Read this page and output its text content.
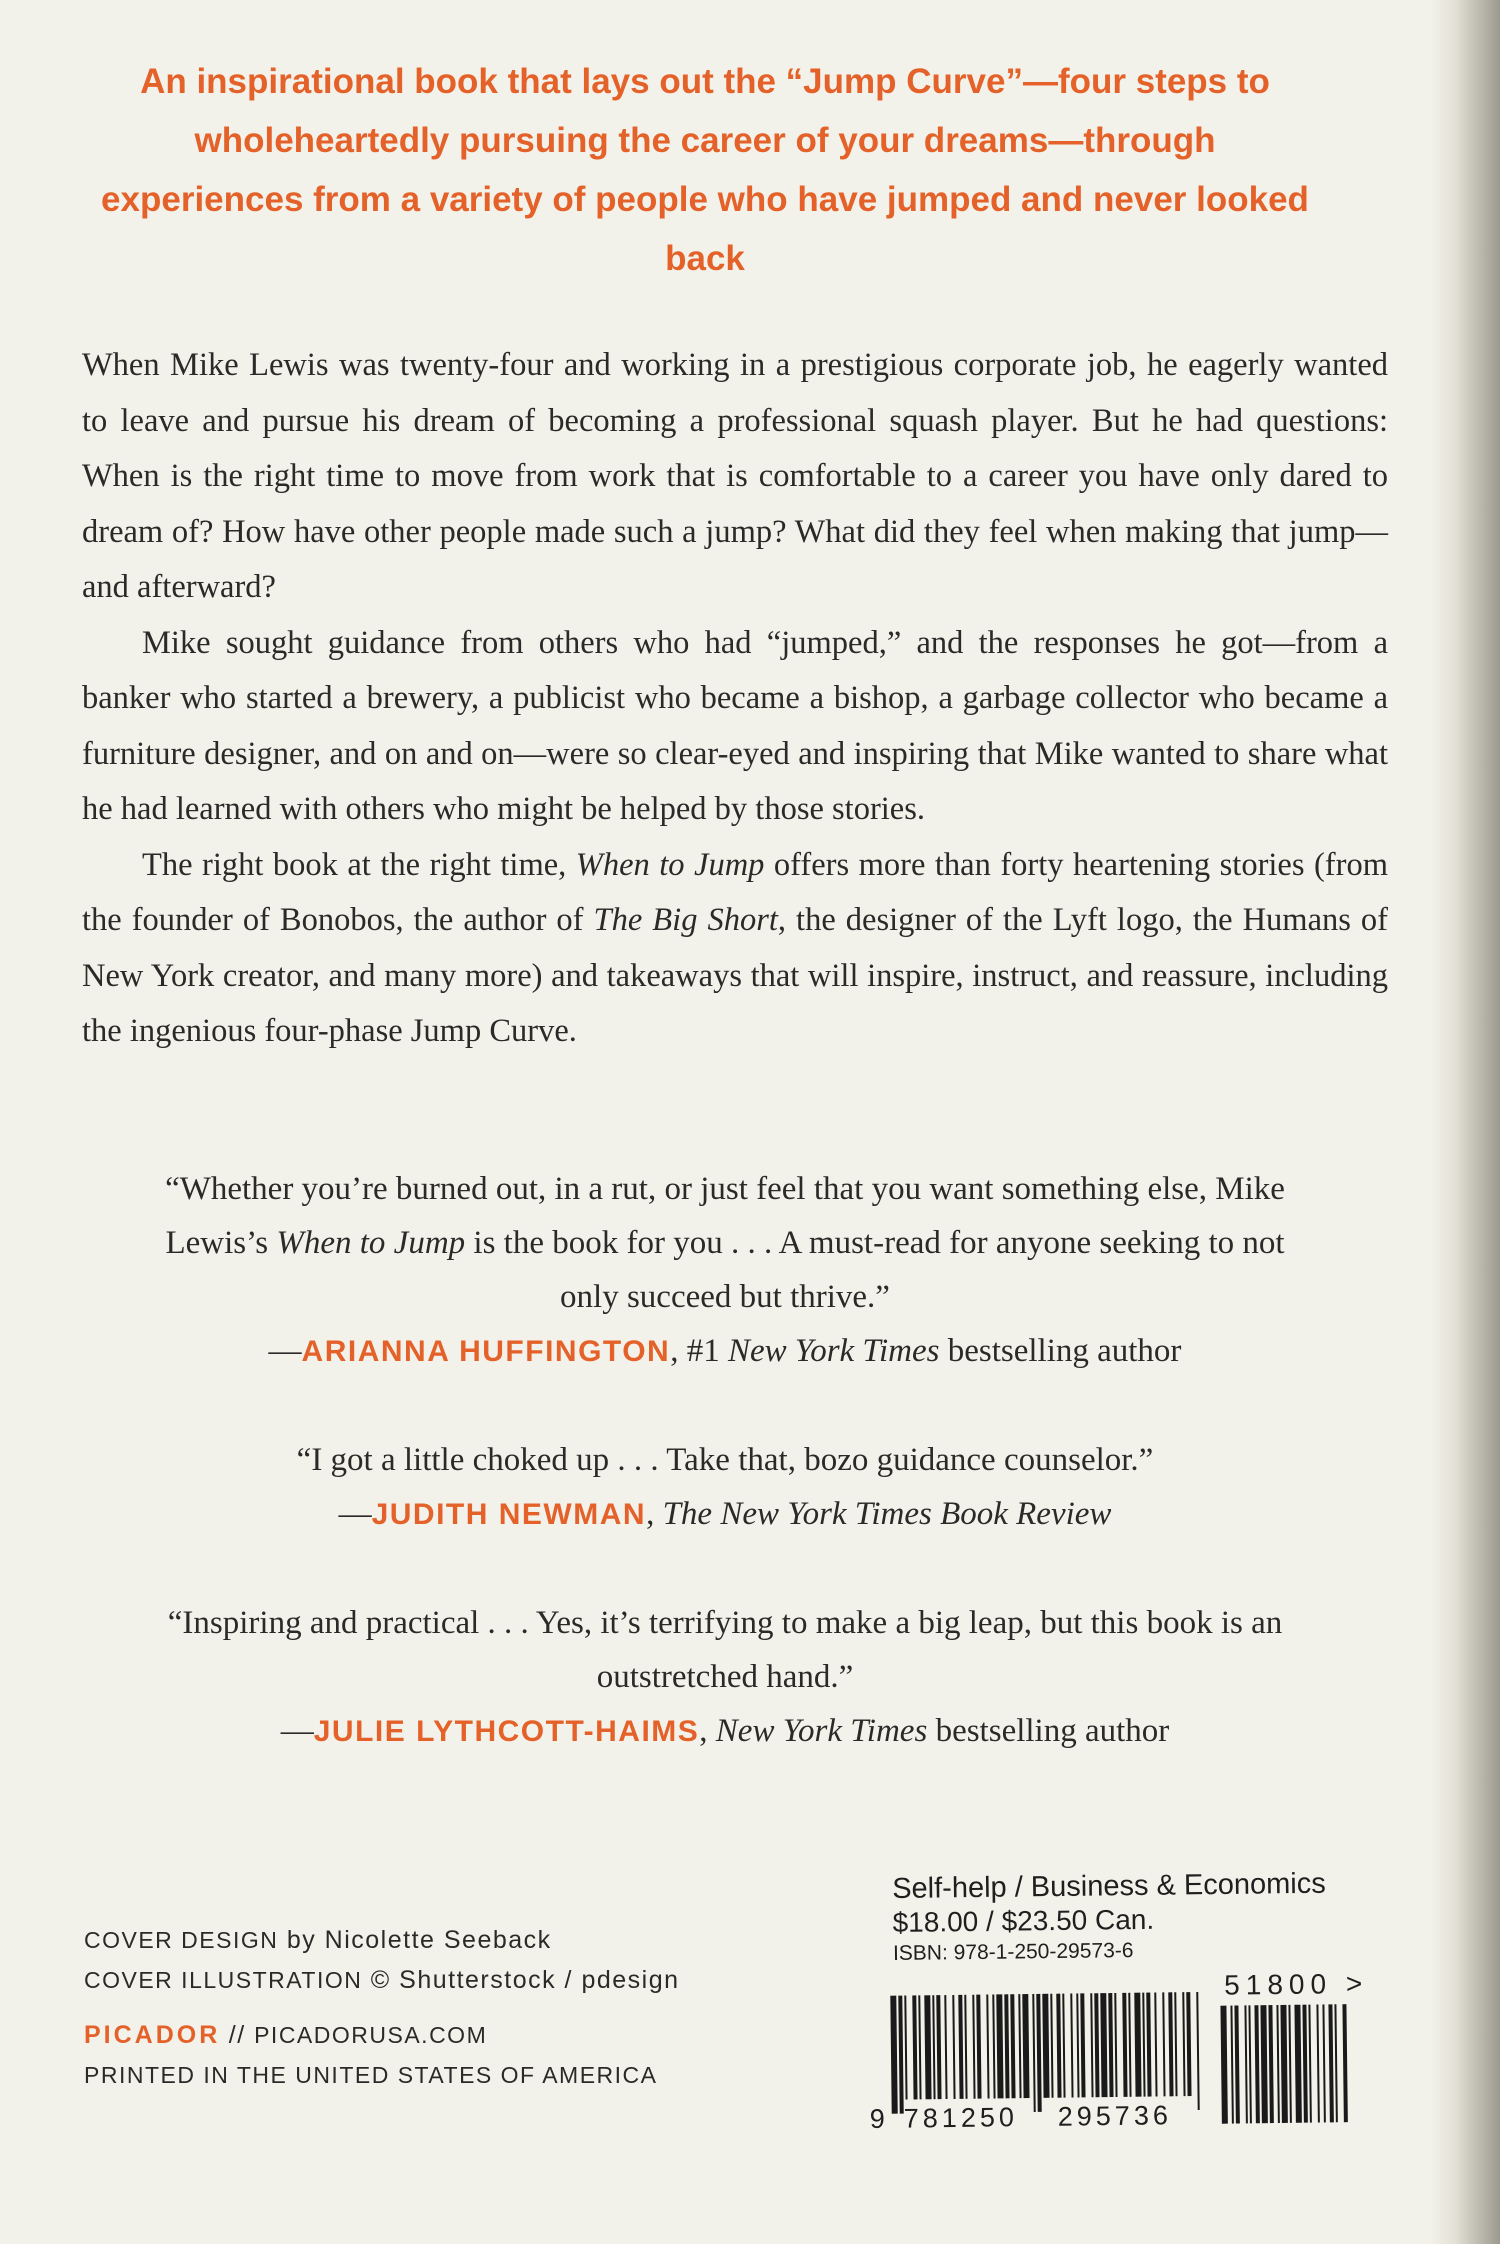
An inspirational book that lays out the “Jump Curve”—four steps to wholeheartedly pursuing the career of your dreams—through experiences from a variety of people who have jumped and never looked back

When Mike Lewis was twenty-four and working in a prestigious corporate job, he eagerly wanted to leave and pursue his dream of becoming a professional squash player. But he had questions: When is the right time to move from work that is comfortable to a career you have only dared to dream of? How have other people made such a jump? What did they feel when making that jump—and afterward?

Mike sought guidance from others who had “jumped,” and the responses he got—from a banker who started a brewery, a publicist who became a bishop, a garbage collector who became a furniture designer, and on and on—were so clear-eyed and inspiring that Mike wanted to share what he had learned with others who might be helped by those stories.

The right book at the right time, When to Jump offers more than forty heartening stories (from the founder of Bonobos, the author of The Big Short, the designer of the Lyft logo, the Humans of New York creator, and many more) and takeaways that will inspire, instruct, and reassure, including the ingenious four-phase Jump Curve.

“Whether you’re burned out, in a rut, or just feel that you want something else, Mike Lewis’s When to Jump is the book for you . . . A must-read for anyone seeking to not only succeed but thrive.”
—ARIANNA HUFFINGTON, #1 New York Times bestselling author
“I got a little choked up . . . Take that, bozo guidance counselor.”
—JUDITH NEWMAN, The New York Times Book Review
“Inspiring and practical . . . Yes, it’s terrifying to make a big leap, but this book is an outstretched hand.”
—JULIE LYTHCOTT-HAIMS, New York Times bestselling author
COVER DESIGN by Nicolette Seeback
COVER ILLUSTRATION © Shutterstock / pdesign
PICADOR // PICADORUSA.COM
PRINTED IN THE UNITED STATES OF AMERICA
Self-help / Business & Economics
$18.00 / $23.50 Can.
ISBN: 978-1-250-29573-6
51800 >
9 781250 295736
